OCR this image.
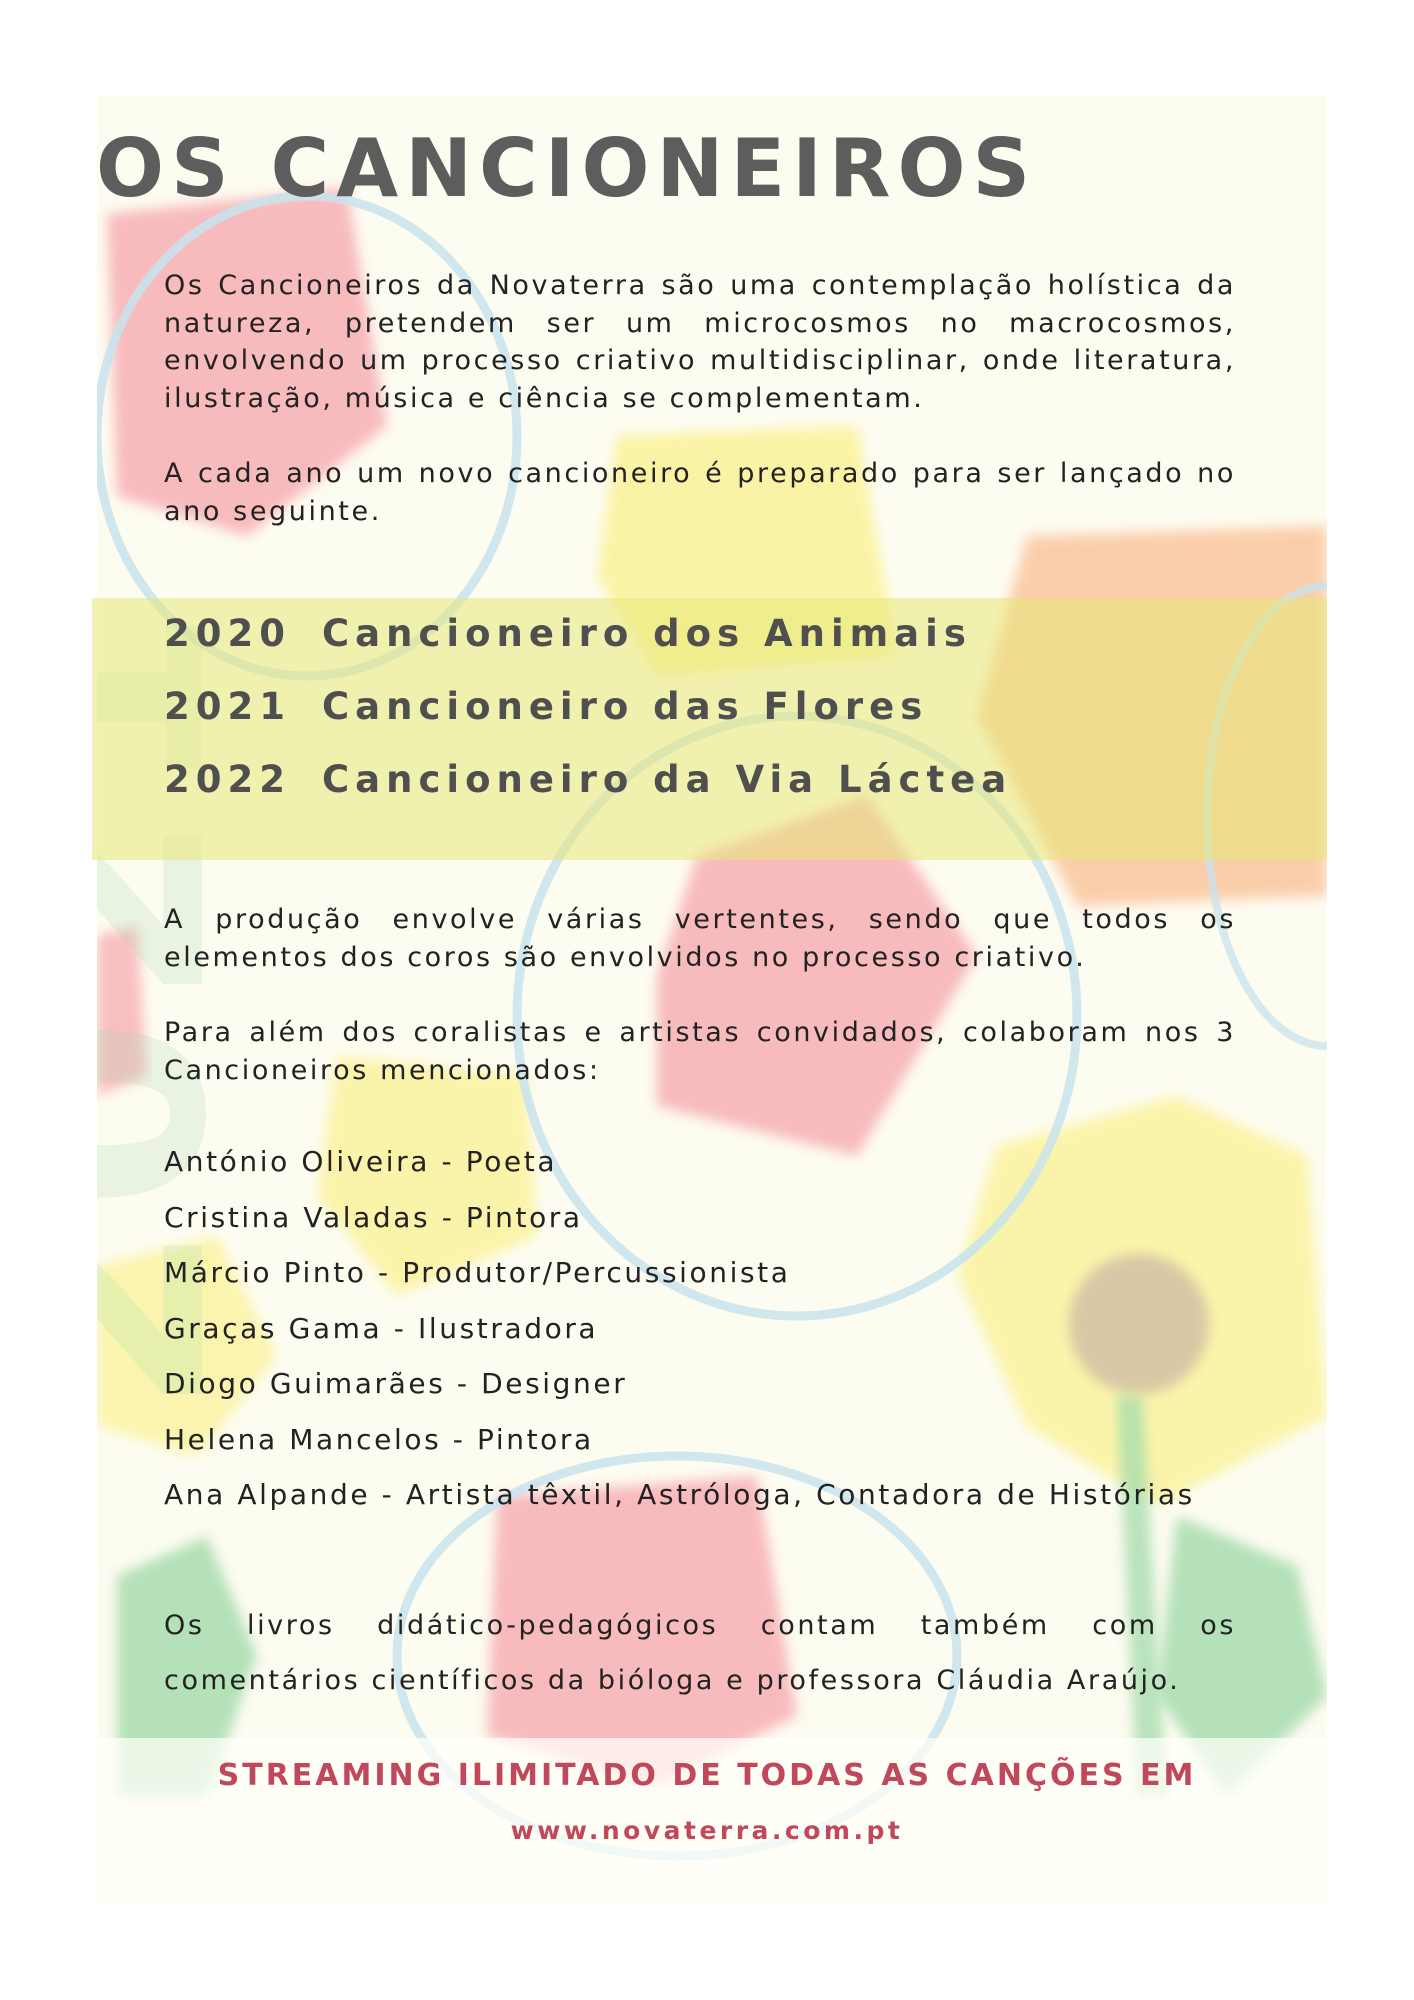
OS CANCIONEIROS

Os Cancioneiros da Novaterra são uma contemplação holística da natureza, pretendem ser um microcosmos no macrocosmos, envolvendo um processo criativo multidisciplinar, onde literatura, ilustração, música e ciência se complementam.

A cada ano um novo cancioneiro é preparado para ser lançado no ano seguinte.

2020 Cancioneiro dos Animais
2021 Cancioneiro das Flores
2022 Cancioneiro da Via Láctea

A produção envolve várias vertentes, sendo que todos os elementos dos coros são envolvidos no processo criativo.

Para além dos coralistas e artistas convidados, colaboram nos 3 Cancioneiros mencionados:

António Oliveira - Poeta
Cristina Valadas - Pintora
Márcio Pinto - Produtor/Percussionista
Graças Gama - Ilustradora
Diogo Guimarães - Designer
Helena Mancelos - Pintora
Ana Alpande - Artista têxtil, Astróloga, Contadora de Histórias

Os livros didático-pedagógicos contam também com os comentários científicos da bióloga e professora Cláudia Araújo.

STREAMING ILIMITADO DE TODAS AS CANÇÕES EM

www.novaterra.com.pt
